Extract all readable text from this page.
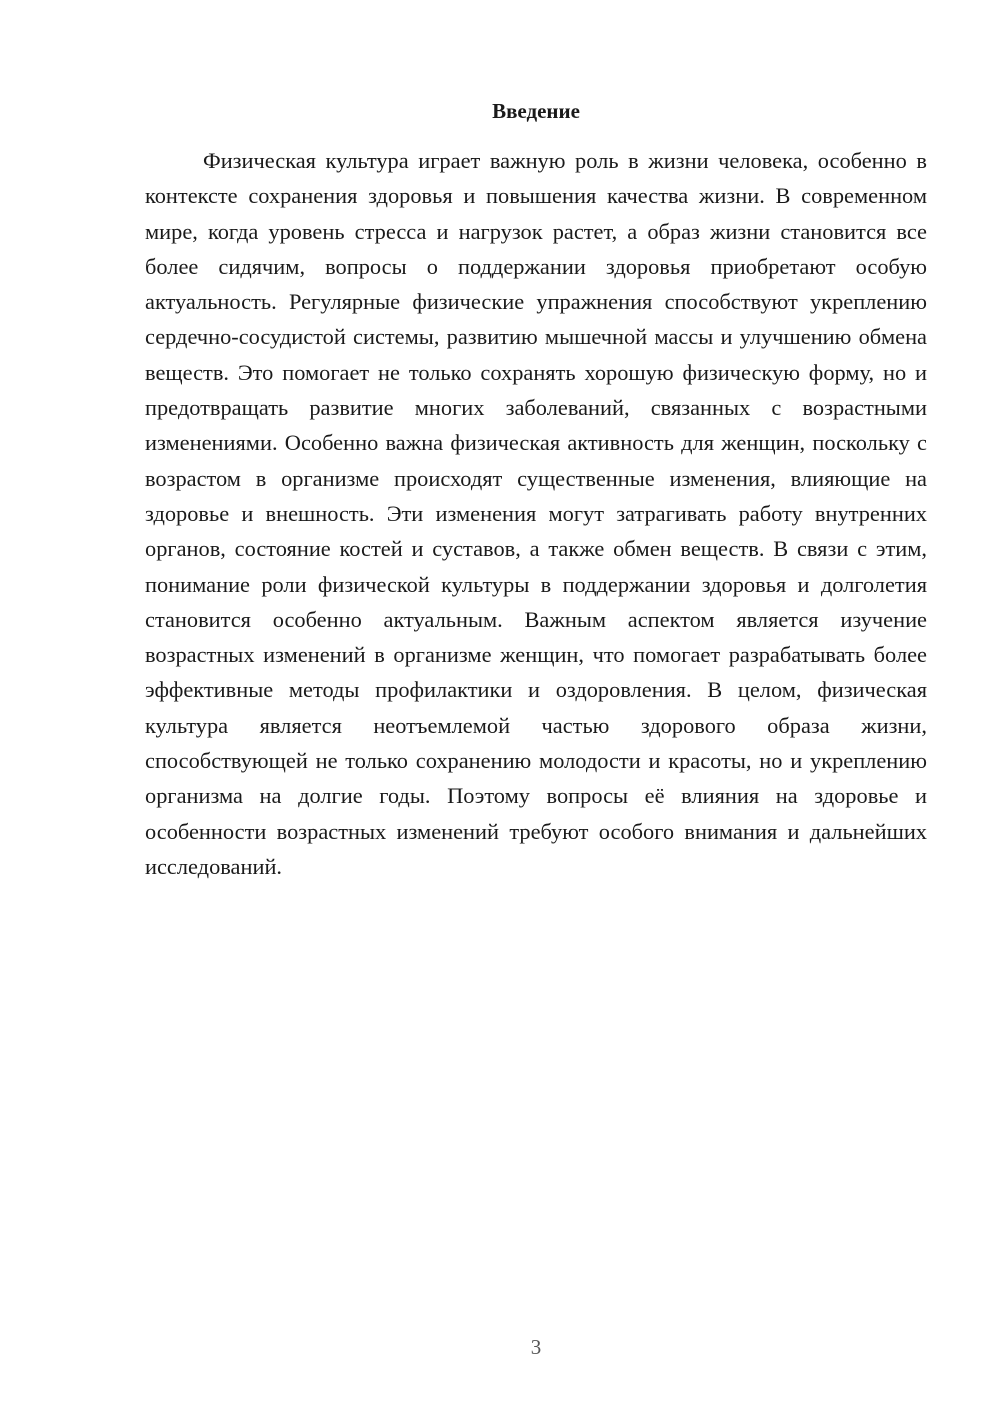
Введение

Физическая культура играет важную роль в жизни человека, особенно в контексте сохранения здоровья и повышения качества жизни. В современном мире, когда уровень стресса и нагрузок растет, а образ жизни становится все более сидячим, вопросы о поддержании здоровья приобретают особую актуальность. Регулярные физические упражнения способствуют укреплению сердечно-сосудистой системы, развитию мышечной массы и улучшению обмена веществ. Это помогает не только сохранять хорошую физическую форму, но и предотвращать развитие многих заболеваний, связанных с возрастными изменениями. Особенно важна физическая активность для женщин, поскольку с возрастом в организме происходят существенные изменения, влияющие на здоровье и внешность. Эти изменения могут затрагивать работу внутренних органов, состояние костей и суставов, а также обмен веществ. В связи с этим, понимание роли физической культуры в поддержании здоровья и долголетия становится особенно актуальным. Важным аспектом является изучение возрастных изменений в организме женщин, что помогает разрабатывать более эффективные методы профилактики и оздоровления. В целом, физическая культура является неотъемлемой частью здорового образа жизни, способствующей не только сохранению молодости и красоты, но и укреплению организма на долгие годы. Поэтому вопросы её влияния на здоровье и особенности возрастных изменений требуют особого внимания и дальнейших исследований.

3
